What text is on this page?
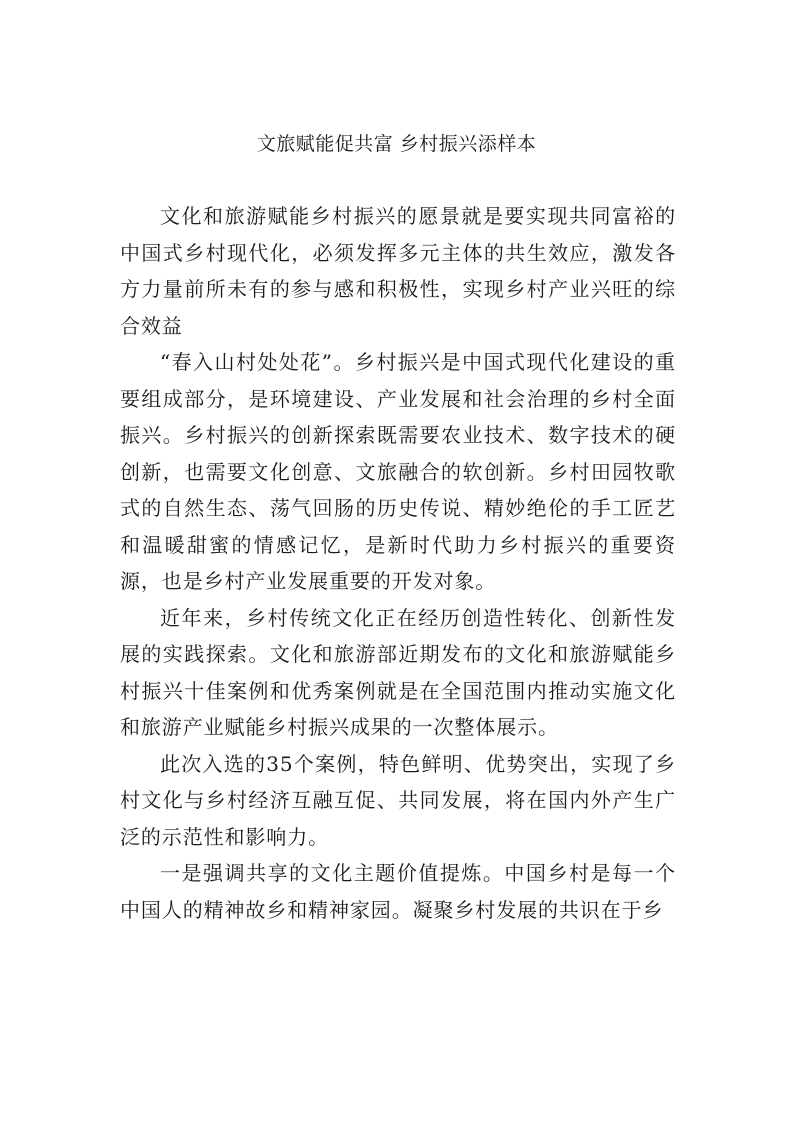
文旅赋能促共富 乡村振兴添样本

文化和旅游赋能乡村振兴的愿景就是要实现共同富裕的中国式乡村现代化，必须发挥多元主体的共生效应，激发各方力量前所未有的参与感和积极性，实现乡村产业兴旺的综合效益

“春入山村处处花”。乡村振兴是中国式现代化建设的重要组成部分，是环境建设、产业发展和社会治理的乡村全面振兴。乡村振兴的创新探索既需要农业技术、数字技术的硬创新，也需要文化创意、文旅融合的软创新。乡村田园牧歌式的自然生态、荡气回肠的历史传说、精妙绝伦的手工匠艺和温暖甜蜜的情感记忆，是新时代助力乡村振兴的重要资源，也是乡村产业发展重要的开发对象。

近年来，乡村传统文化正在经历创造性转化、创新性发展的实践探索。文化和旅游部近期发布的文化和旅游赋能乡村振兴十佳案例和优秀案例就是在全国范围内推动实施文化和旅游产业赋能乡村振兴成果的一次整体展示。

此次入选的35个案例，特色鲜明、优势突出，实现了乡村文化与乡村经济互融互促、共同发展，将在国内外产生广泛的示范性和影响力。

一是强调共享的文化主题价值提炼。中国乡村是每一个中国人的精神故乡和精神家园。凝聚乡村发展的共识在于乡
